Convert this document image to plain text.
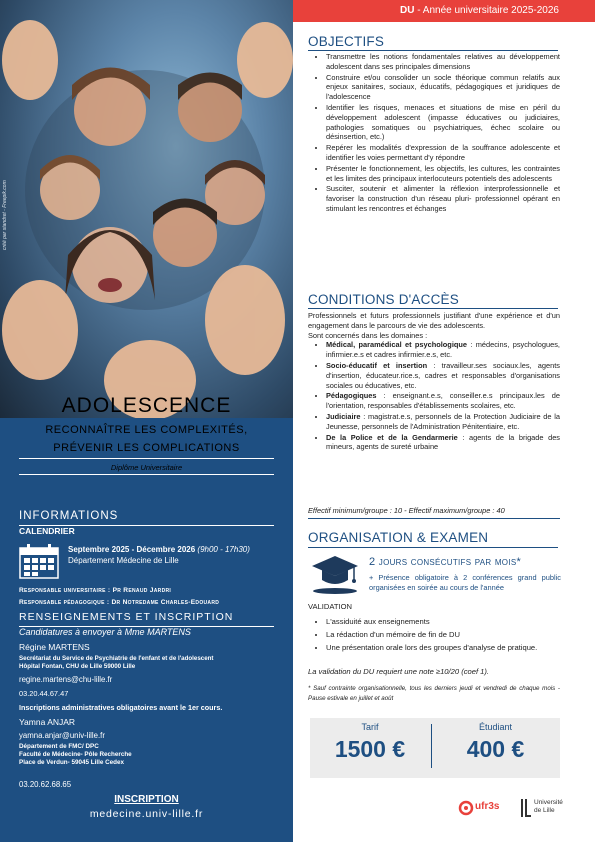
créé par standret - Freepik.com
ADOLESCENCE
RECONNAÎTRE LES COMPLEXITÉS,
PRÉVENIR LES COMPLICATIONS
Diplôme Universitaire
INFORMATIONS
CALENDRIER
Septembre 2025 - Décembre 2026 (9h00 - 17h30)
Département Médecine de Lille
Responsable universitaire : Pr Renaud Jardri
Responsable pédagogique : Dr Notredame Charles-Edouard
RENSEIGNEMENTS ET INSCRIPTION
Candidatures à envoyer à Mme MARTENS
Régine MARTENS
Secrétariat du Service de Psychiatrie de l'enfant et de l'adolescent
Hôpital Fontan, CHU de Lille 59000 Lille
regine.martens@chu-lille.fr
03.20.44.67.47
Inscriptions administratives obligatoires avant le 1er cours.
Yamna ANJAR
yamna.anjar@univ-lille.fr
Département de FMC/ DPC
Faculté de Médecine- Pôle Recherche
Place de Verdun- 59045 Lille Cedex
03.20.62.68.65
INSCRIPTION
medecine.univ-lille.fr
DU - Année universitaire 2025-2026
OBJECTIFS
• Transmettre les notions fondamentales relatives au développement adolescent dans ses principales dimensions
• Construire et/ou consolider un socle théorique commun relatifs aux enjeux sanitaires, sociaux, éducatifs, pédagogiques et juridiques de l'adolescence
• Identifier les risques, menaces et situations de mise en péril du développement adolescent (impasse éducatives ou judiciaires, pathologies somatiques ou psychiatriques, échec scolaire ou désinsertion, etc.)
• Repérer les modalités d'expression de la souffrance adolescente et identifier les voies permettant d'y répondre
• Présenter le fonctionnement, les objectifs, les cultures, les contraintes et les limites des principaux interlocuteurs potentiels des adolescents
• Susciter, soutenir et alimenter la réflexion interprofessionnelle et favoriser la construction d'un réseau pluri- professionnel opérant en stimulant les rencontres et échanges
CONDITIONS D'ACCÈS
Professionnels et futurs professionnels justifiant d'une expérience et d'un engagement dans le parcours de vie des adolescents.
Sont concernés dans les domaines :
• Médical, paramédical et psychologique : médecins, psychologues, infirmier.e.s et cadres infirmier.e.s, etc.
• Socio-éducatif et insertion : travailleur.ses sociaux.les, agents d'insertion, éducateur.rice.s, cadres et responsables d'organisations sociales ou éducatives, etc.
• Pédagogiques : enseignant.e.s, conseiller.e.s principaux.les de l'orientation, responsables d'établissements scolaires, etc.
• Judiciaire : magistrat.e.s, personnels de la Protection Judiciaire de la Jeunesse, personnels de l'Administration Pénitentiaire, etc.
• De la Police et de la Gendarmerie : agents de la brigade des mineurs, agents de sureté urbaine
Effectif minimum/groupe : 10 - Effectif maximum/groupe : 40
ORGANISATION & EXAMEN
2 jours consécutifs par mois*
+ Présence obligatoire à 2 conférences grand public organisées en soirée au cours de l'année
VALIDATION
• L'assiduité aux enseignements
• La rédaction d'un mémoire de fin de DU
• Une présentation orale lors des groupes d'analyse de pratique.
La validation du DU requiert une note ≥10/20 (coef 1).
* Sauf contrainte organisationnelle, tous les derniers jeudi et vendredi de chaque mois - Pause estivale en juillet et août
Tarif
1500 €
Étudiant
400 €
ufr3s	Université
de Lille
